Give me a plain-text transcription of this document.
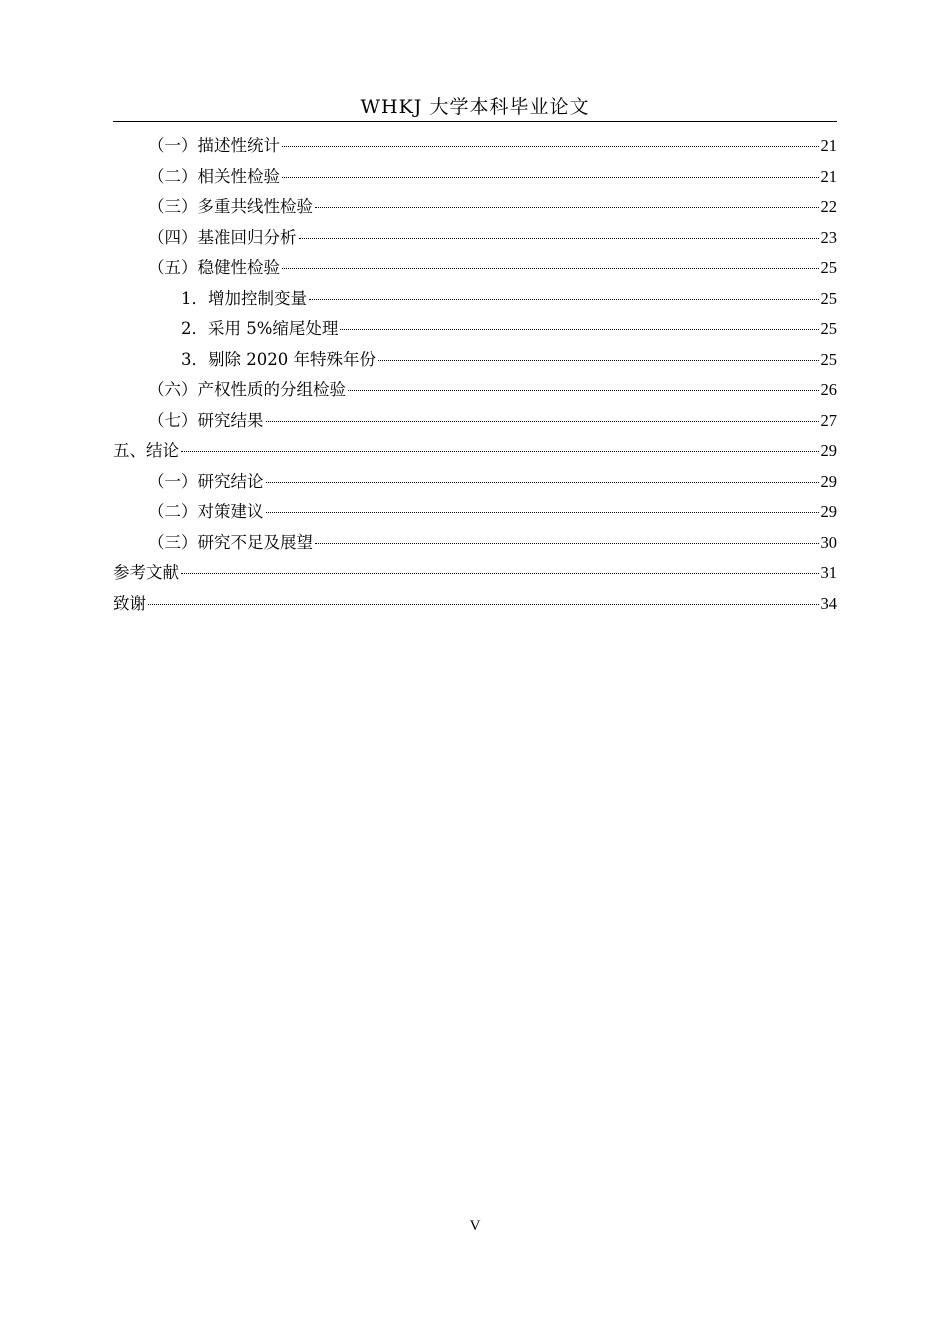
WHKJ 大学本科毕业论文
（一）描述性统计	21
（二）相关性检验	21
（三）多重共线性检验	22
（四）基准回归分析	23
（五）稳健性检验	25
1．增加控制变量	25
2．采用 5%缩尾处理	25
3．剔除 2020 年特殊年份	25
（六）产权性质的分组检验	26
（七）研究结果	27
五、结论	29
（一）研究结论	29
（二）对策建议	29
（三）研究不足及展望	30
参考文献	31
致谢	34
V
